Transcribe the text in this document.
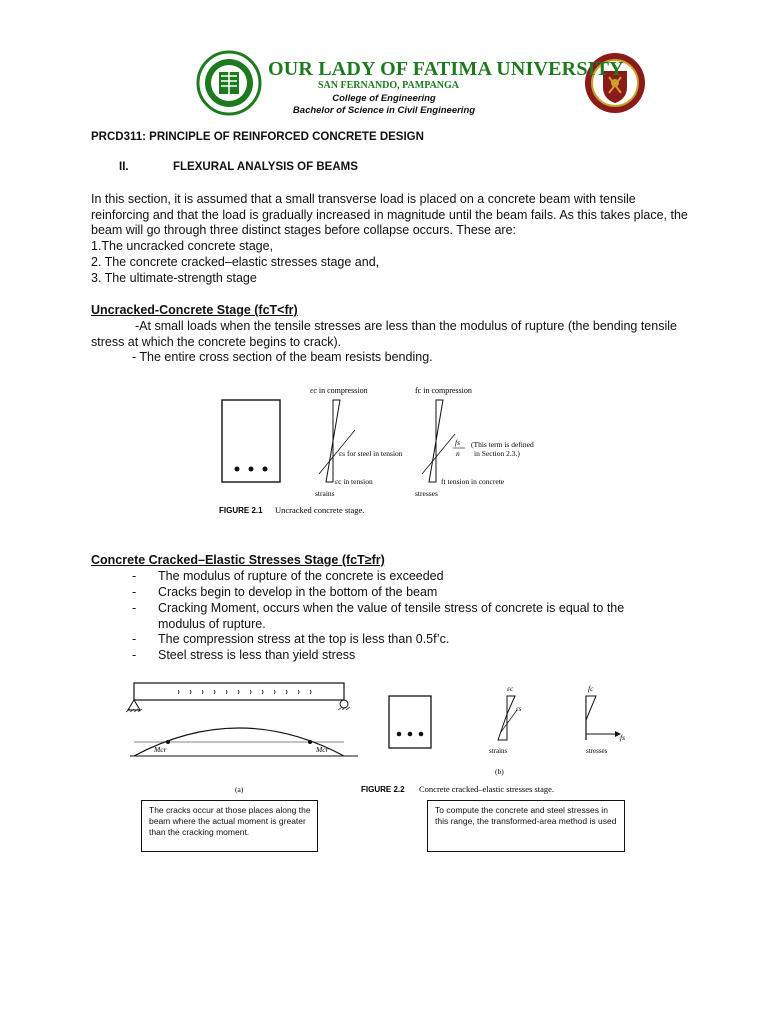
OUR LADY OF FATIMA UNIVERSITY
SAN FERNANDO, PAMPANGA
College of Engineering
Bachelor of Science in Civil Engineering
PRCD311: PRINCIPLE OF REINFORCED CONCRETE DESIGN
II.	FLEXURAL ANALYSIS OF BEAMS
In this section, it is assumed that a small transverse load is placed on a concrete beam with tensile reinforcing and that the load is gradually increased in magnitude until the beam fails. As this takes place, the beam will go through three distinct stages before collapse occurs. These are:
1.The uncracked concrete stage,
2. The concrete cracked–elastic stresses stage and,
3. The ultimate-strength stage
Uncracked-Concrete Stage (fcT<fr)
-At small loads when the tensile stresses are less than the modulus of rupture (the bending tensile stress at which the concrete begins to crack).
- The entire cross section of the beam resists bending.
εc in compression	fc in compression
εs for steel in tension
εc in tension
strains	stresses
fs
n
(This term is defined
in Section 2.3.)
ft tension in concrete
FIGURE 2.1 Uncracked concrete stage.
Concrete Cracked–Elastic Stresses Stage (fcT≥fr)
- The modulus of rupture of the concrete is exceeded
- Cracks begin to develop in the bottom of the beam
- Cracking Moment, occurs when the value of tensile stress of concrete is equal to the modulus of rupture.
- The compression stress at the top is less than 0.5f’c.
- Steel stress is less than yield stress
Mcr	Mcr
(a)
εc
εs
strains
fc
fs
stresses
(b)
FIGURE 2.2 Concrete cracked–elastic stresses stage.
The cracks occur at those places along the beam where the actual moment is greater than the cracking moment.
To compute the concrete and steel stresses in this range, the transformed-area method is used
